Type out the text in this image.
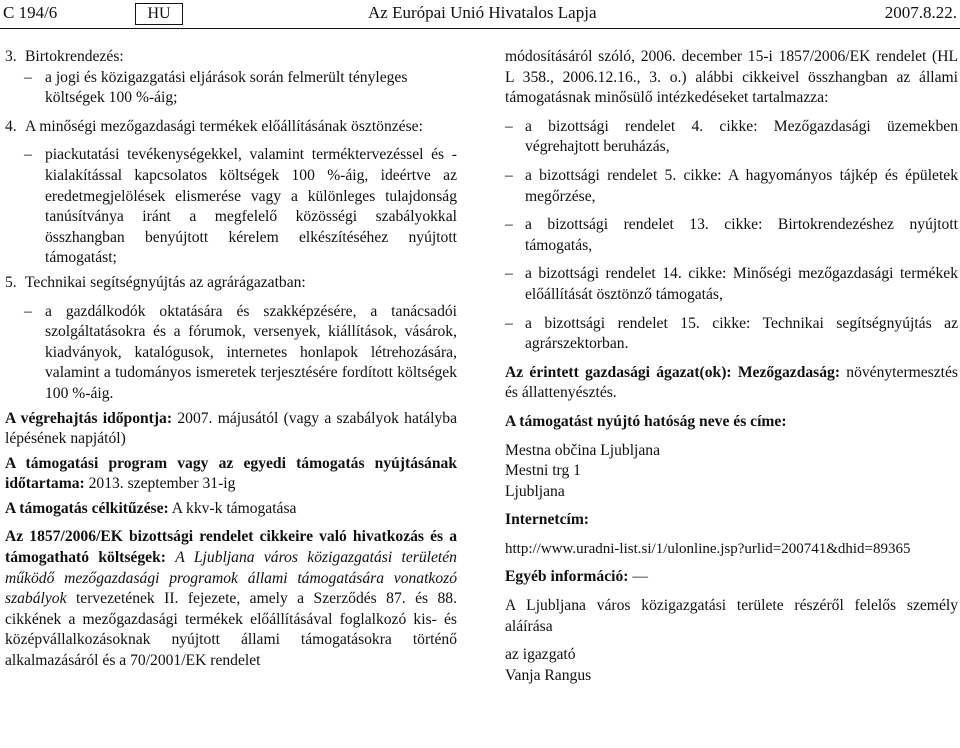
C 194/6	HU	Az Európai Unió Hivatalos Lapja	2007.8.22.
3. Birtokrendezés:
– a jogi és közigazgatási eljárások során felmerült tényleges
költségek 100 %-áig;
4. A minőségi mezőgazdasági termékek előállításának ösztönzése:
– piackutatási tevékenységekkel, valamint terméktervezéssel és -kialakítással kapcsolatos költségek 100 %-áig, ideértve az eredetmegjelölések elismerése vagy a különleges tulajdonság tanúsítványa iránt a megfelelő közösségi szabályokkal összhangban benyújtott kérelem elkészítéséhez nyújtott támogatást;
5. Technikai segítségnyújtás az agrárágazatban:
– a gazdálkodók oktatására és szakképzésére, a tanácsadói szolgáltatásokra és a fórumok, versenyek, kiállítások, vásárok, kiadványok, katalógusok, internetes honlapok létrehozására, valamint a tudományos ismeretek terjesztésére fordított költségek 100 %-áig.

A végrehajtás időpontja: 2007. májusától (vagy a szabályok hatályba lépésének napjától)

A támogatási program vagy az egyedi támogatás nyújtásának időtartama: 2013. szeptember 31-ig

A támogatás célkitűzése: A kkv-k támogatása

Az 1857/2006/EK bizottsági rendelet cikkeire való hivatkozás és a támogatható költségek: A Ljubljana város közigazgatási területén működő mezőgazdasági programok állami támogatására vonatkozó szabályok tervezetének II. fejezete, amely a Szerződés 87. és 88. cikkének a mezőgazdasági termékek előállításával foglalkozó kis- és középvállalkozásoknak nyújtott állami támogatásokra történő alkalmazásáról és a 70/2001/EK rendelet

módosításáról szóló, 2006. december 15-i 1857/2006/EK rendelet (HL L 358., 2006.12.16., 3. o.) alábbi cikkeivel összhangban az állami támogatásnak minősülő intézkedéseket tartalmazza:

– a bizottsági rendelet 4. cikke: Mezőgazdasági üzemekben végrehajtott beruházás,
– a bizottsági rendelet 5. cikke: A hagyományos tájkép és épületek megőrzése,
– a bizottsági rendelet 13. cikke: Birtokrendezéshez nyújtott támogatás,
– a bizottsági rendelet 14. cikke: Minőségi mezőgazdasági termékek előállítását ösztönző támogatás,
– a bizottsági rendelet 15. cikke: Technikai segítségnyújtás az agrárszektorban.

Az érintett gazdasági ágazat(ok): Mezőgazdaság: növénytermesztés és állattenyésztés.

A támogatást nyújtó hatóság neve és címe:

Mestna občina Ljubljana

Mestni trg 1

Ljubljana

Internetcím:

http://www.uradni-list.si/1/ulonline.jsp?urlid=200741&dhid=89365

Egyéb információ: —

A Ljubljana város közigazgatási területe részéről felelős személy aláírása

az igazgató

Vanja Rangus
